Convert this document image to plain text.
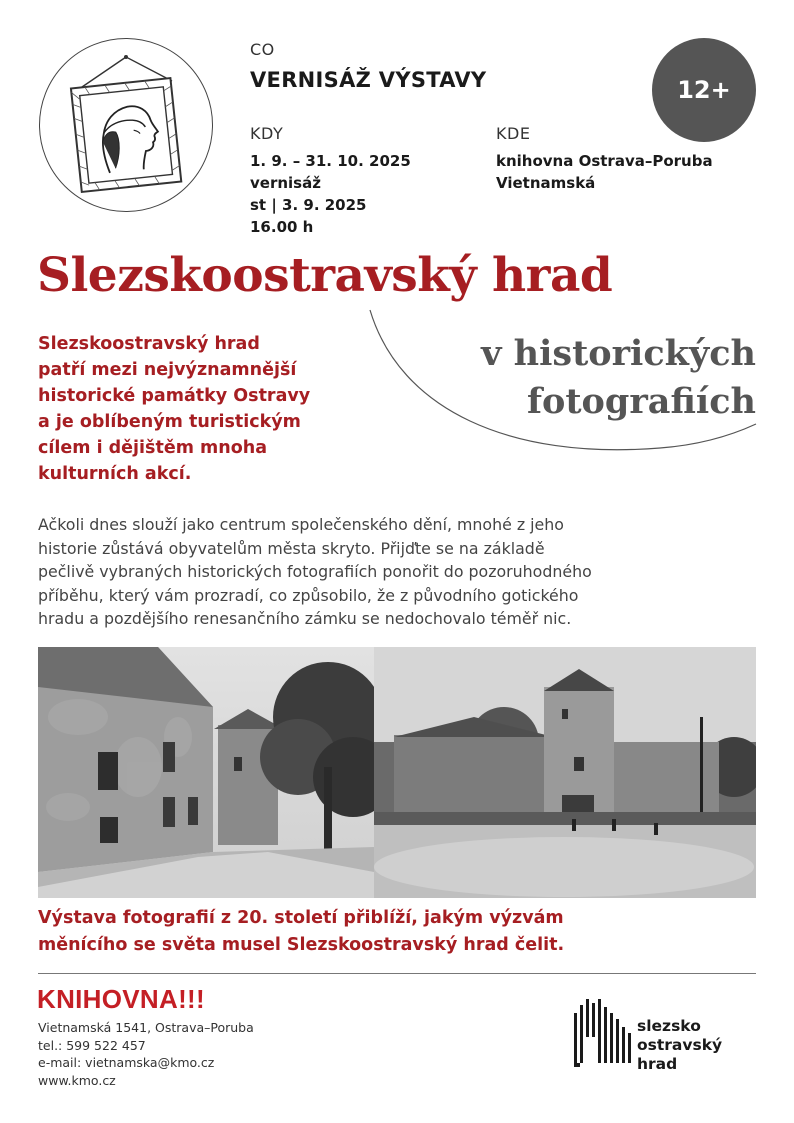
CO
VERNISÁŽ VÝSTAVY
KDY
1. 9. – 31. 10. 2025
vernisáž
st | 3. 9. 2025
16.00 h
KDE
knihovna Ostrava–Poruba
Vietnamská
12+
Slezskoostravský hrad
v historických
fotografiích
Slezskoostravský hrad
patří mezi nejvýznamnější
historické památky Ostravy
a je oblíbeným turistickým
cílem i dějištěm mnoha
kulturních akcí.
Ačkoli dnes slouží jako centrum společenského dění, mnohé z jeho
historie zůstává obyvatelům města skryto. Přijďte se na základě
pečlivě vybraných historických fotografiích ponořit do pozoruhodného
příběhu, který vám prozradí, co způsobilo, že z původního gotického
hradu a pozdějšího renesančního zámku se nedochovalo téměř nic.
Výstava fotografií z 20. století přiblíží, jakým výzvám
měnícího se světa musel Slezskoostravský hrad čelit.
KNIHOVNA!!!
Vietnamská 1541, Ostrava–Poruba
tel.: 599 522 457
e-mail: vietnamska@kmo.cz
www.kmo.cz
slezsko
ostravský
hrad
